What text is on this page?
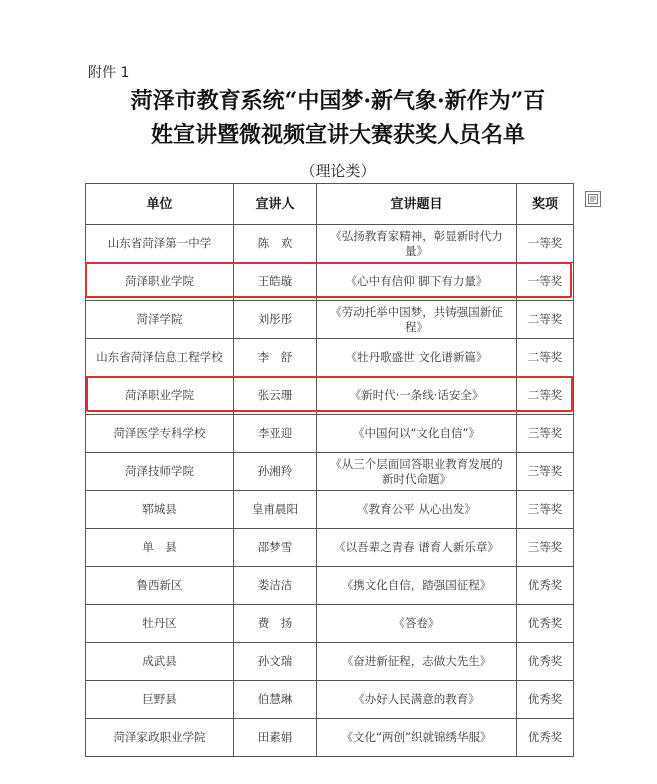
附件 1
菏泽市教育系统“中国梦·新气象·新作为”百
姓宣讲暨微视频宣讲大赛获奖人员名单
（理论类）
单位	宣讲人	宣讲题目	奖项
山东省菏泽第一中学	陈　欢	《弘扬教育家精神，彰显新时代力量》	一等奖
菏泽职业学院	王皓璇	《心中有信仰 脚下有力量》	一等奖
菏泽学院	刘彤彤	《劳动托举中国梦，共铸强国新征程》	二等奖
山东省菏泽信息工程学校	李　舒	《牡丹歌盛世 文化谱新篇》	二等奖
菏泽职业学院	张云珊	《新时代·一条线·话安全》	二等奖
菏泽医学专科学校	李亚迎	《中国何以“文化自信”》	三等奖
菏泽技师学院	孙湘羚	《从三个层面回答职业教育发展的新时代命题》	三等奖
郓城县	皇甫晨阳	《教育公平 从心出发》	三等奖
单　县	邵梦雪	《以吾辈之青春 谱育人新乐章》	三等奖
鲁西新区	娄洁洁	《携文化自信，踏强国征程》	优秀奖
牡丹区	费　扬	《答卷》	优秀奖
成武县	孙文瑞	《奋进新征程，志做大先生》	优秀奖
巨野县	伯慧琳	《办好人民满意的教育》	优秀奖
菏泽家政职业学院	田素娟	《文化“两创”织就锦绣华服》	优秀奖
